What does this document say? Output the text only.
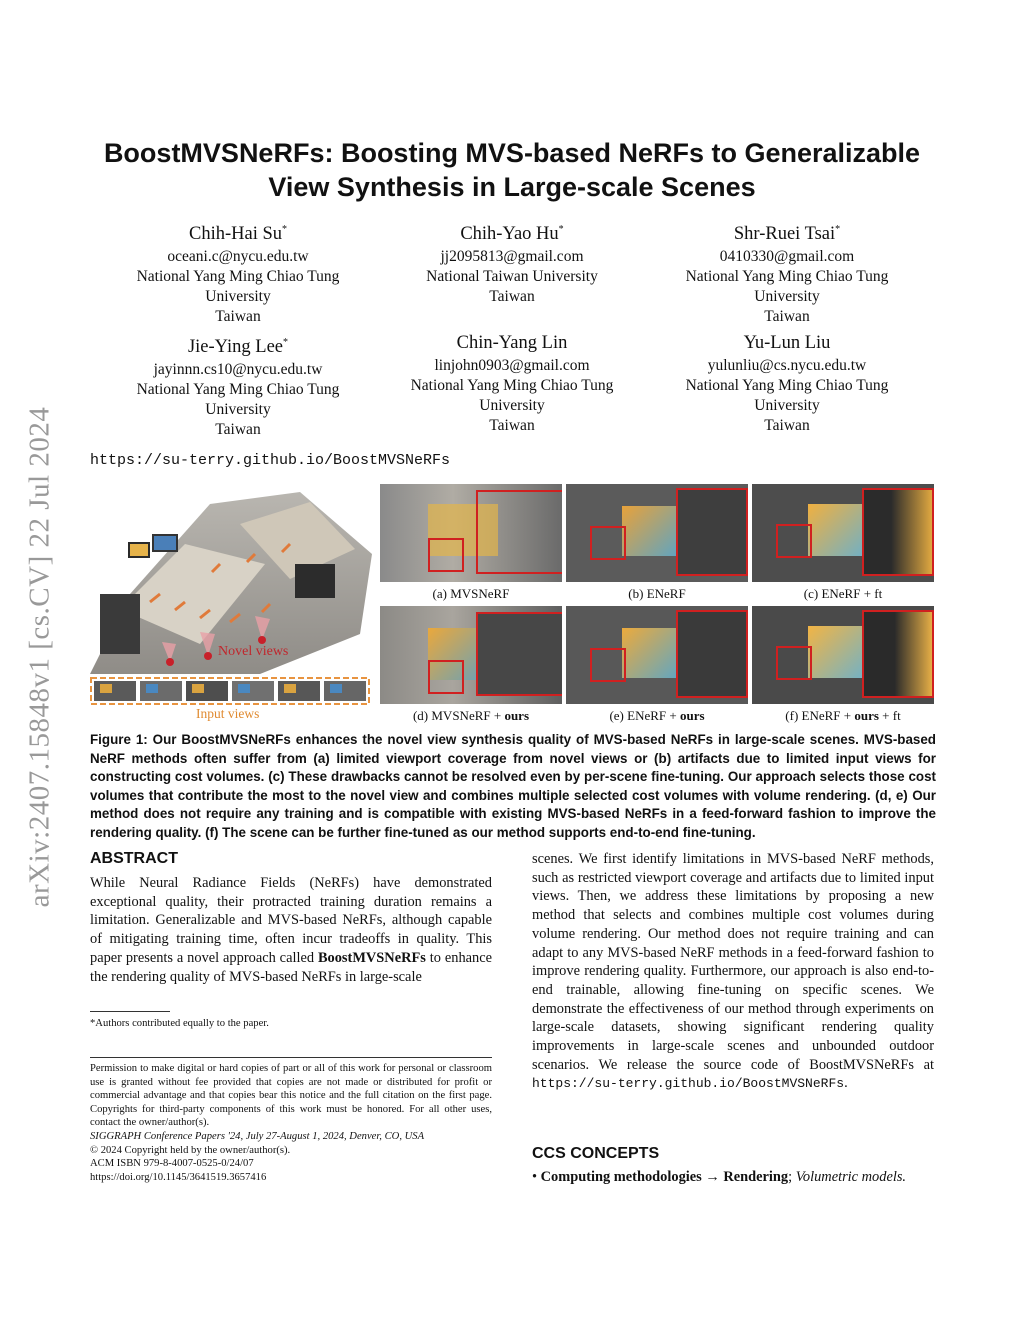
arXiv:2407.15848v1 [cs.CV] 22 Jul 2024
BoostMVSNeRFs: Boosting MVS-based NeRFs to Generalizable
View Synthesis in Large-scale Scenes
Chih-Hai Su*
oceani.c@nycu.edu.tw
National Yang Ming Chiao Tung
University
Taiwan
Chih-Yao Hu*
jj2095813@gmail.com
National Taiwan University
Taiwan
Shr-Ruei Tsai*
0410330@gmail.com
National Yang Ming Chiao Tung
University
Taiwan
Jie-Ying Lee*
jayinnn.cs10@nycu.edu.tw
National Yang Ming Chiao Tung
University
Taiwan
Chin-Yang Lin
linjohn0903@gmail.com
National Yang Ming Chiao Tung
University
Taiwan
Yu-Lun Liu
yulunliu@cs.nycu.edu.tw
National Yang Ming Chiao Tung
University
Taiwan
https://su-terry.github.io/BoostMVSNeRFs
Novel views
Input views
(a) MVSNeRF	(b) ENeRF	(c) ENeRF + ft
(d) MVSNeRF + ours	(e) ENeRF + ours	(f) ENeRF + ours + ft
Figure 1: Our BoostMVSNeRFs enhances the novel view synthesis quality of MVS-based NeRFs in large-scale scenes. MVS-based NeRF methods often suffer from (a) limited viewport coverage from novel views or (b) artifacts due to limited input views for constructing cost volumes. (c) These drawbacks cannot be resolved even by per-scene fine-tuning. Our approach selects those cost volumes that contribute the most to the novel view and combines multiple selected cost volumes with volume rendering. (d, e) Our method does not require any training and is compatible with existing MVS-based NeRFs in a feed-forward fashion to improve the rendering quality. (f) The scene can be further fine-tuned as our method supports end-to-end fine-tuning.
ABSTRACT
While Neural Radiance Fields (NeRFs) have demonstrated exceptional quality, their protracted training duration remains a limitation. Generalizable and MVS-based NeRFs, although capable of mitigating training time, often incur tradeoffs in quality. This paper presents a novel approach called BoostMVSNeRFs to enhance the rendering quality of MVS-based NeRFs in large-scale
*Authors contributed equally to the paper.
Permission to make digital or hard copies of part or all of this work for personal or classroom use is granted without fee provided that copies are not made or distributed for profit or commercial advantage and that copies bear this notice and the full citation on the first page. Copyrights for third-party components of this work must be honored. For all other uses, contact the owner/author(s).
SIGGRAPH Conference Papers '24, July 27-August 1, 2024, Denver, CO, USA
© 2024 Copyright held by the owner/author(s).
ACM ISBN 979-8-4007-0525-0/24/07
https://doi.org/10.1145/3641519.3657416
scenes. We first identify limitations in MVS-based NeRF methods, such as restricted viewport coverage and artifacts due to limited input views. Then, we address these limitations by proposing a new method that selects and combines multiple cost volumes during volume rendering. Our method does not require training and can adapt to any MVS-based NeRF methods in a feed-forward fashion to improve rendering quality. Furthermore, our approach is also end-to-end trainable, allowing fine-tuning on specific scenes. We demonstrate the effectiveness of our method through experiments on large-scale datasets, showing significant rendering quality improvements in large-scale scenes and unbounded outdoor scenarios. We release the source code of BoostMVSNeRFs at https://su-terry.github.io/BoostMVSNeRFs.
CCS CONCEPTS
• Computing methodologies → Rendering; Volumetric models.
